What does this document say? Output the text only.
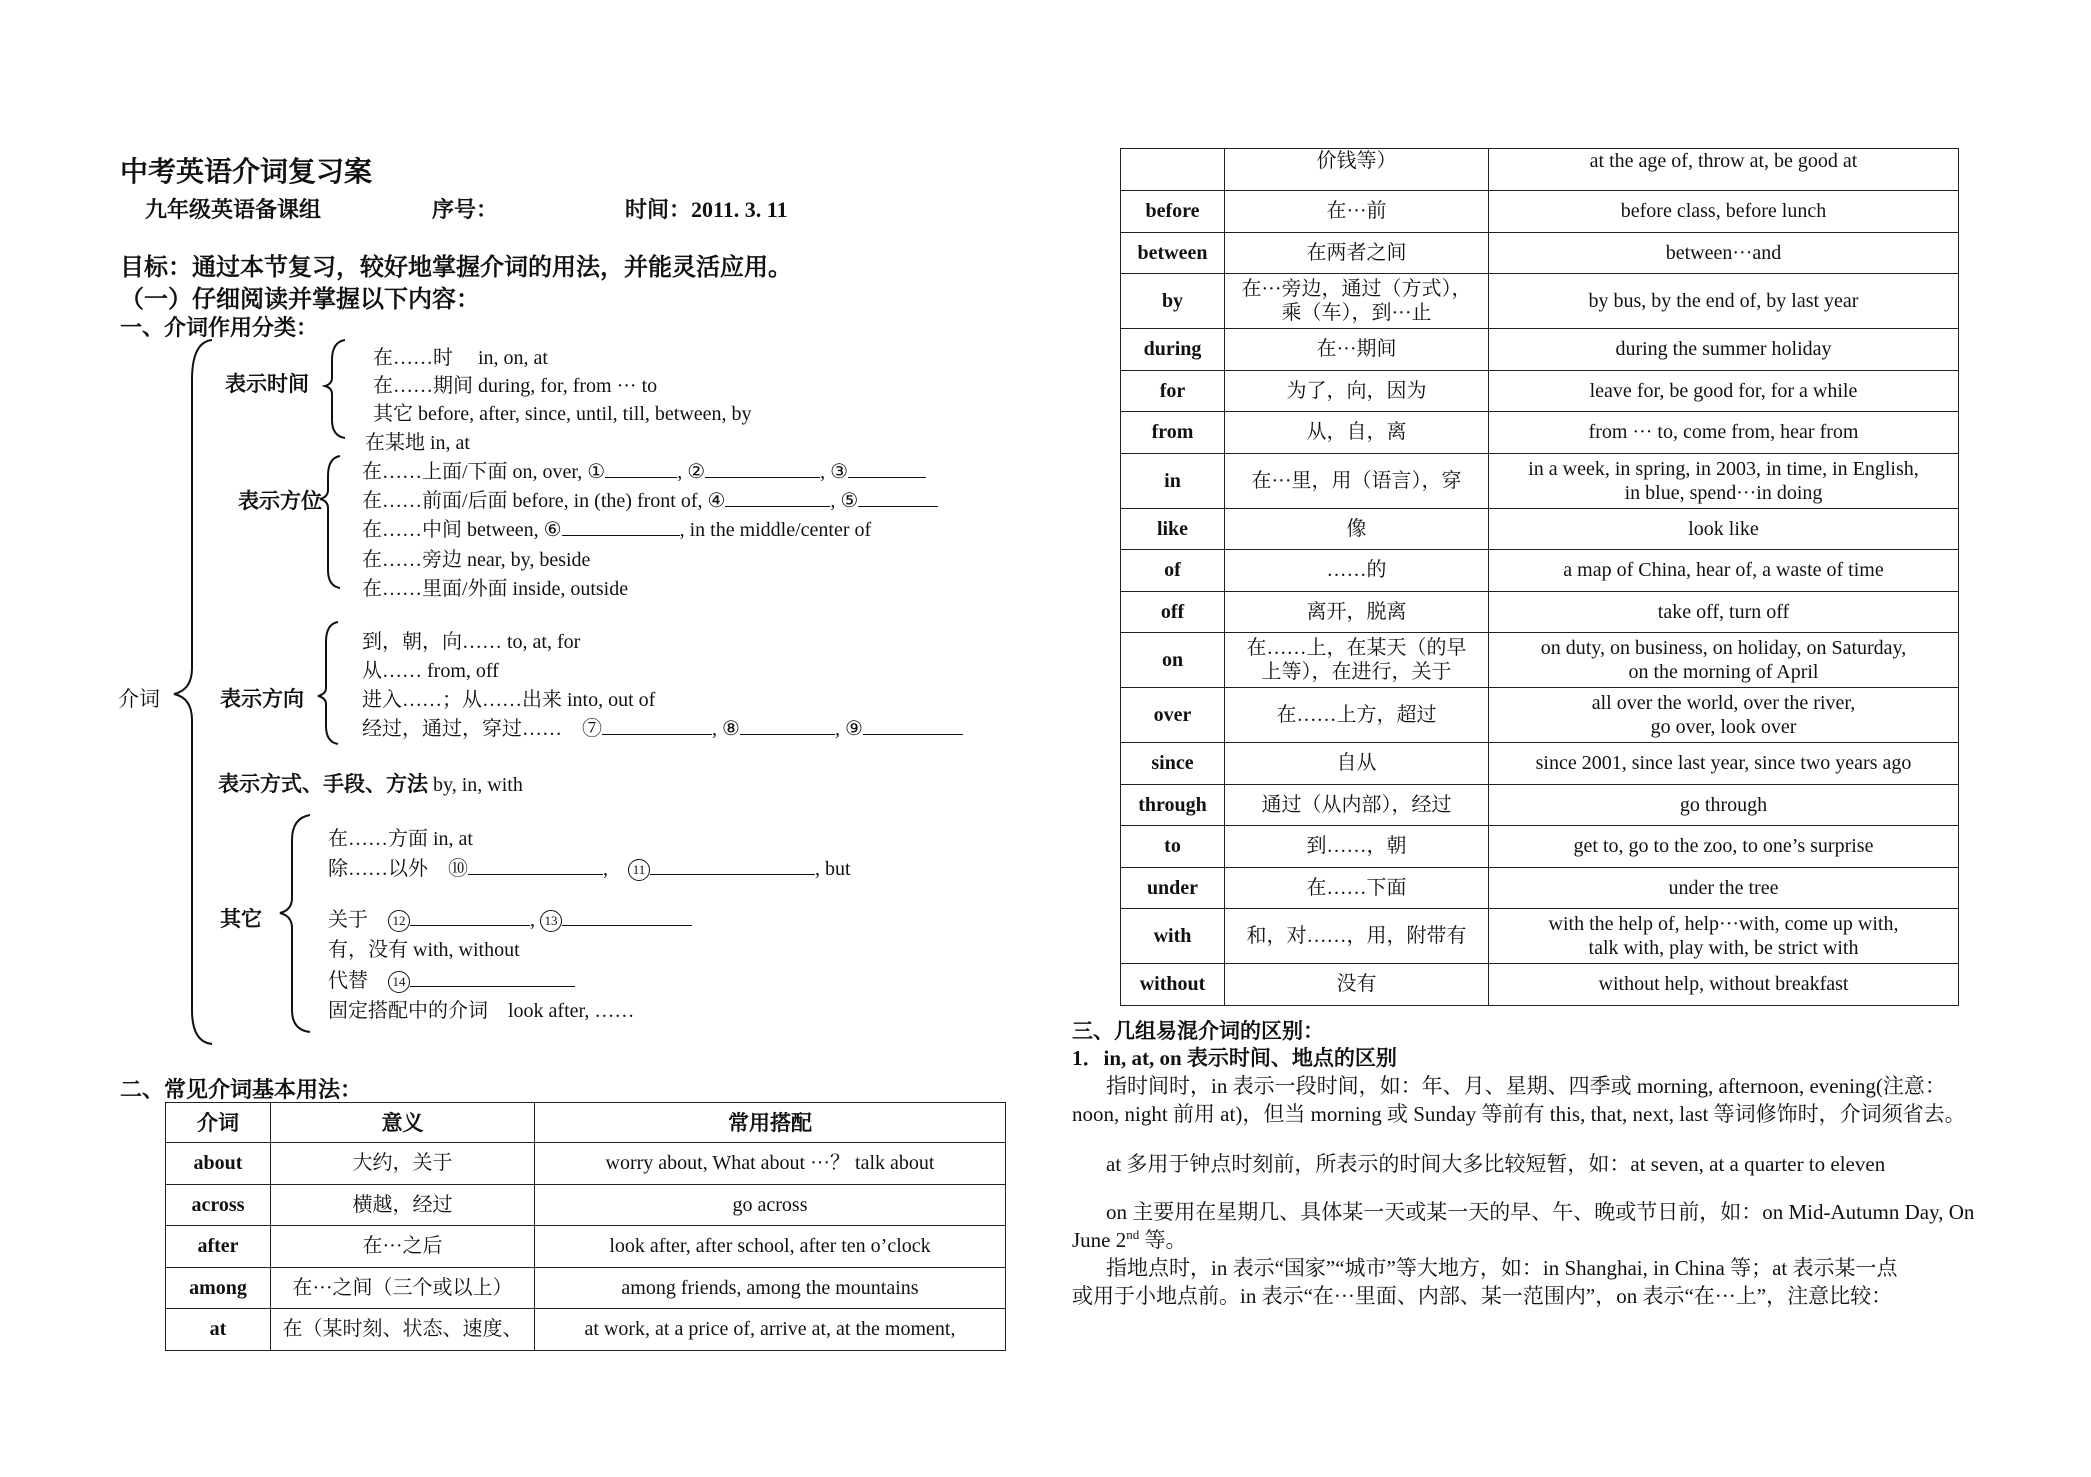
中考英语介词复习案
九年级英语备课组	序号：	时间：2011. 3. 11
目标：通过本节复习，较好地掌握介词的用法，并能灵活应用。
（一）仔细阅读并掌握以下内容：
一、介词作用分类：
介词
表示时间
在……时　 in, on, at
在……期间 during, for, from ··· to
其它 before, after, since, until, till, between, by
在某地 in, at
表示方位
在……上面/下面 on, over, ①	, ②	, ③
在……前面/后面 before, in (the) front of, ④	, ⑤
在……中间 between, ⑥	, in the middle/center of
在……旁边 near, by, beside
在……里面/外面 inside, outside
表示方向
到，朝，向…… to, at, for
从…… from, off
进入……；从……出来 into, out of
经过，通过，穿过……　 ⑦	, ⑧	, ⑨
表示方式、手段、方法 by, in, with
其它
在……方面 in, at
除……以外　 ⑩	,　11	, but
关于　 12	, 13
有，没有 with, without
代替　 14
固定搭配中的介词　look after, ……
二、常见介词基本用法：
介词	意义	常用搭配
about	大约，关于	worry about, What about ···？ talk about
across	横越，经过	go across
after	在···之后	look after, after school, after ten o’clock
among	在···之间（三个或以上）	among friends, among the mountains
at	在（某时刻、状态、速度、	at work, at a price of, arrive at, at the moment,
	价钱等）	at the age of, throw at, be good at
before	在···前	before class, before lunch
between	在两者之间	between···and
by	在···旁边，通过（方式），
乘（车），到···止	by bus, by the end of, by last year
during	在···期间	during the summer holiday
for	为了，向，因为	leave for, be good for, for a while
from	从，自，离	from ··· to, come from, hear from
in	在···里，用（语言），穿	in a week, in spring, in 2003, in time, in English,
in blue, spend···in doing
like	像	look like
of	……的	a map of China, hear of, a waste of time
off	离开，脱离	take off, turn off
on	在……上，在某天（的早
上等），在进行，关于	on duty, on business, on holiday, on Saturday,
on the morning of April
over	在……上方，超过	all over the world, over the river,
go over, look over
since	自从	since 2001, since last year, since two years ago
through	通过（从内部），经过	go through
to	到……，朝	get to, go to the zoo, to one’s surprise
under	在……下面	under the tree
with	和，对……，用，附带有	with the help of, help···with, come up with,
talk with, play with, be strict with
without	没有	without help, without breakfast
三、几组易混介词的区别：
1．in, at, on 表示时间、地点的区别
指时间时，in 表示一段时间，如：年、月、星期、四季或 morning, afternoon, evening(注意：
noon, night 前用 at)，但当 morning 或 Sunday 等前有 this, that, next, last 等词修饰时，介词须省去。
at 多用于钟点时刻前，所表示的时间大多比较短暂，如：at seven, at a quarter to eleven
on 主要用在星期几、具体某一天或某一天的早、午、晚或节日前，如：on Mid-Autumn Day, On
June 2nd 等。
指地点时，in 表示“国家”“城市”等大地方，如：in Shanghai, in China 等；at 表示某一点
或用于小地点前。in 表示“在···里面、内部、某一范围内”，on 表示“在···上”，注意比较：
